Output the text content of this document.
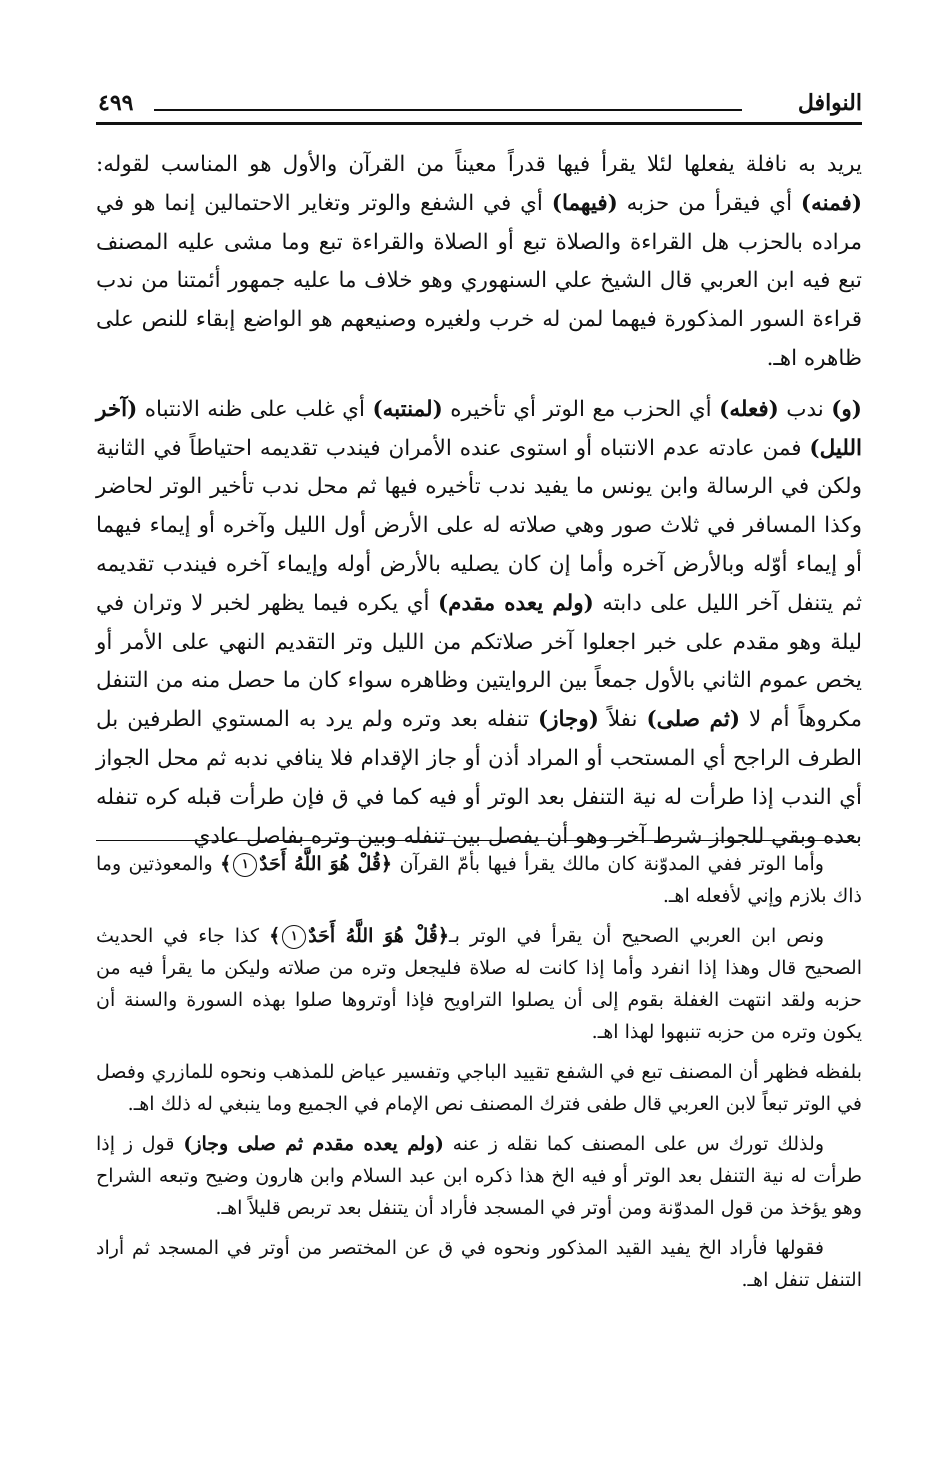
النوافل
٤٩٩

يريد به نافلة يفعلها لئلا يقرأ فيها قدراً معيناً من القرآن والأول هو المناسب لقوله: (فمنه) أي فيقرأ من حزبه (فيهما) أي في الشفع والوتر وتغاير الاحتمالين إنما هو في مراده بالحزب هل القراءة والصلاة تبع أو الصلاة والقراءة تبع وما مشى عليه المصنف تبع فيه ابن العربي قال الشيخ علي السنهوري وهو خلاف ما عليه جمهور أئمتنا من ندب قراءة السور المذكورة فيهما لمن له خرب ولغيره وصنيعهم هو الواضع إبقاء للنص على ظاهره اهـ.

(و) ندب (فعله) أي الحزب مع الوتر أي تأخيره (لمنتبه) أي غلب على ظنه الانتباه (آخر الليل) فمن عادته عدم الانتباه أو استوى عنده الأمران فيندب تقديمه احتياطاً في الثانية ولكن في الرسالة وابن يونس ما يفيد ندب تأخيره فيها ثم محل ندب تأخير الوتر لحاضر وكذا المسافر في ثلاث صور وهي صلاته له على الأرض أول الليل وآخره أو إيماء فيهما أو إيماء أوّله وبالأرض آخره وأما إن كان يصليه بالأرض أوله وإيماء آخره فيندب تقديمه ثم يتنفل آخر الليل على دابته (ولم يعده مقدم) أي يكره فيما يظهر لخبر لا وتران في ليلة وهو مقدم على خبر اجعلوا آخر صلاتكم من الليل وتر التقديم النهي على الأمر أو يخص عموم الثاني بالأول جمعاً بين الروايتين وظاهره سواء كان ما حصل منه من التنفل مكروهاً أم لا (ثم صلى) نفلاً (وجاز) تنفله بعد وتره ولم يرد به المستوي الطرفين بل الطرف الراجح أي المستحب أو المراد أذن أو جاز الإقدام فلا ينافي ندبه ثم محل الجواز أي الندب إذا طرأت له نية التنفل بعد الوتر أو فيه كما في ق فإن طرأت قبله كره تنفله بعده وبقي للجواز شرط آخر وهو أن يفصل بين تنفله وبين وتره بفاصل عادي

وأما الوتر ففي المدوّنة كان مالك يقرأ فيها بأمّ القرآن ﴿قُلْ هُوَ اللَّهُ أَحَدٌ١﴾ والمعوذتين وما ذاك بلازم وإني لأفعله اهـ.

ونص ابن العربي الصحيح أن يقرأ في الوتر بـ﴿قُلْ هُوَ اللَّهُ أَحَدٌ١﴾ كذا جاء في الحديث الصحيح قال وهذا إذا انفرد وأما إذا كانت له صلاة فليجعل وتره من صلاته وليكن ما يقرأ فيه من حزبه ولقد انتهت الغفلة بقوم إلى أن يصلوا التراويح فإذا أوتروها صلوا بهذه السورة والسنة أن يكون وتره من حزبه تنبهوا لهذا اهـ.

بلفظه فظهر أن المصنف تبع في الشفع تقييد الباجي وتفسير عياض للمذهب ونحوه للمازري وفصل في الوتر تبعاً لابن العربي قال طفى فترك المصنف نص الإمام في الجميع وما ينبغي له ذلك اهـ.

ولذلك تورك س على المصنف كما نقله ز عنه (ولم يعده مقدم ثم صلى وجاز) قول ز إذا طرأت له نية التنفل بعد الوتر أو فيه الخ هذا ذكره ابن عبد السلام وابن هارون وضيح وتبعه الشراح وهو يؤخذ من قول المدوّنة ومن أوتر في المسجد فأراد أن يتنفل بعد تربص قليلاً اهـ.

فقولها فأراد الخ يفيد القيد المذكور ونحوه في ق عن المختصر من أوتر في المسجد ثم أراد التنفل تنفل اهـ.
